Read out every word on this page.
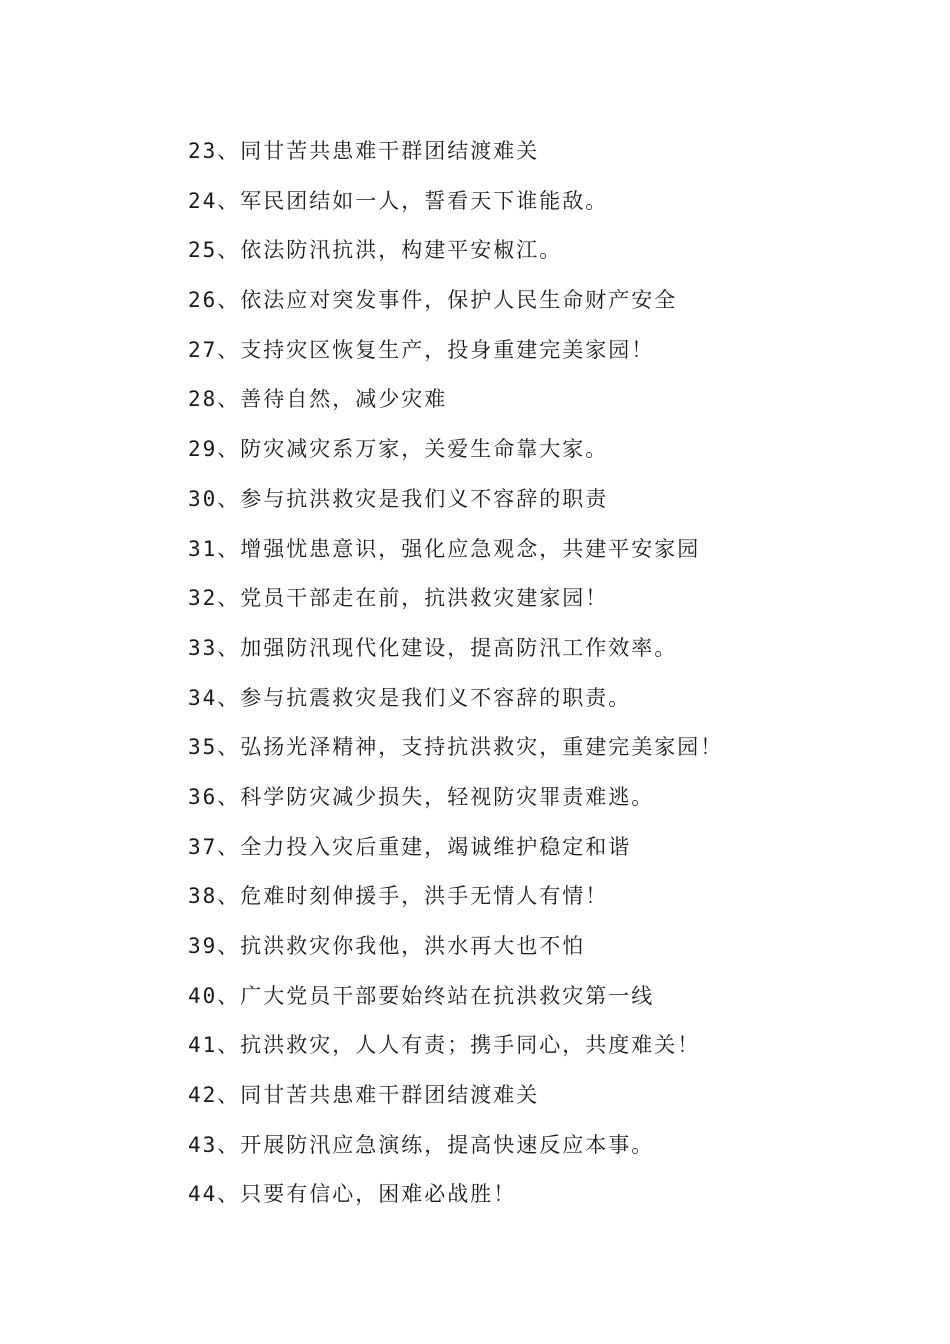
23、同甘苦共患难干群团结渡难关
24、军民团结如一人，誓看天下谁能敌。
25、依法防汛抗洪，构建平安椒江。
26、依法应对突发事件，保护人民生命财产安全
27、支持灾区恢复生产，投身重建完美家园！
28、善待自然，减少灾难
29、防灾减灾系万家，关爱生命靠大家。
30、参与抗洪救灾是我们义不容辞的职责
31、增强忧患意识，强化应急观念，共建平安家园
32、党员干部走在前，抗洪救灾建家园！
33、加强防汛现代化建设，提高防汛工作效率。
34、参与抗震救灾是我们义不容辞的职责。
35、弘扬光泽精神，支持抗洪救灾，重建完美家园！
36、科学防灾减少损失，轻视防灾罪责难逃。
37、全力投入灾后重建，竭诚维护稳定和谐
38、危难时刻伸援手，洪手无情人有情！
39、抗洪救灾你我他，洪水再大也不怕
40、广大党员干部要始终站在抗洪救灾第一线
41、抗洪救灾，人人有责；携手同心，共度难关！
42、同甘苦共患难干群团结渡难关
43、开展防汛应急演练，提高快速反应本事。
44、只要有信心，困难必战胜！
